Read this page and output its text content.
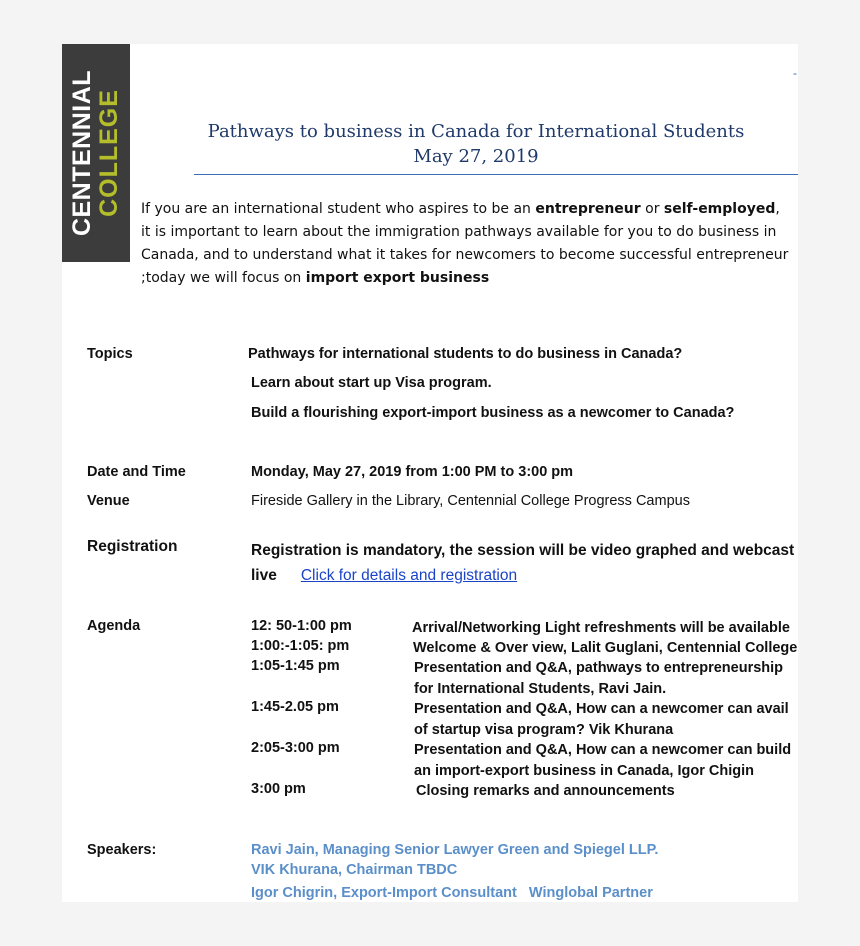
CENTENNIAL COLLEGE
-
Pathways to business in Canada for International Students
May 27, 2019
If you are an international student who aspires to be an entrepreneur or self-employed, it is important to learn about the immigration pathways available for you to do business in Canada, and to understand what it takes for newcomers to become successful entrepreneur ;today we will focus on import export business
Topics	Pathways for international students to do business in Canada?
Learn about start up Visa program.
Build a flourishing export-import business as a newcomer to Canada?
Date and Time	Monday, May 27, 2019 from 1:00 PM to 3:00 pm
Venue	Fireside Gallery in the Library, Centennial College Progress Campus
Registration	Registration is mandatory, the session will be video graphed and webcast live Click for details and registration
Agenda	12: 50-1:00 pm	Arrival/Networking Light refreshments will be available
1:00:-1:05: pm	Welcome & Over view, Lalit Guglani, Centennial College
1:05-1:45 pm	Presentation and Q&A, pathways to entrepreneurship for International Students, Ravi Jain.
1:45-2.05 pm	Presentation and Q&A, How can a newcomer can avail of startup visa program? Vik Khurana
2:05-3:00 pm	Presentation and Q&A, How can a newcomer can build an import-export business in Canada, Igor Chigin
3:00 pm	Closing remarks and announcements
Speakers:	Ravi Jain, Managing Senior Lawyer Green and Spiegel LLP.
VIK Khurana, Chairman TBDC
Igor Chigrin, Export-Import Consultant   Winglobal Partner
